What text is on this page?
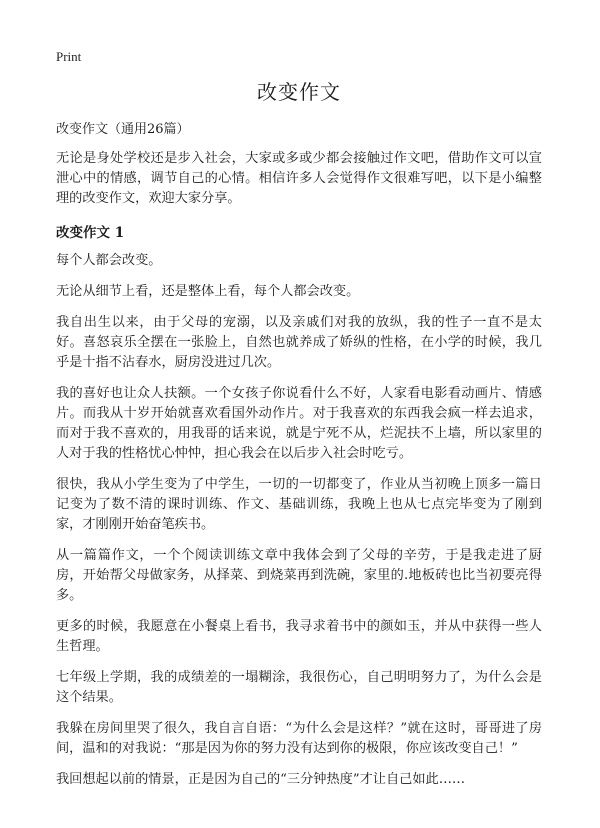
Print
改变作文

改变作文（通用26篇）

无论是身处学校还是步入社会，大家或多或少都会接触过作文吧，借助作文可以宣泄心中的情感，调节自己的心情。相信许多人会觉得作文很难写吧，以下是小编整理的改变作文，欢迎大家分享。

改变作文 1

每个人都会改变。

无论从细节上看，还是整体上看，每个人都会改变。

我自出生以来，由于父母的宠溺，以及亲戚们对我的放纵，我的性子一直不是太好。喜怒哀乐全摆在一张脸上，自然也就养成了娇纵的性格，在小学的时候，我几乎是十指不沾春水，厨房没进过几次。

我的喜好也让众人扶额。一个女孩子你说看什么不好，人家看电影看动画片、情感片。而我从十岁开始就喜欢看国外动作片。对于我喜欢的东西我会疯一样去追求，而对于我不喜欢的，用我哥的话来说，就是宁死不从，烂泥扶不上墙，所以家里的人对于我的性格忧心忡忡，担心我会在以后步入社会时吃亏。

很快，我从小学生变为了中学生，一切的一切都变了，作业从当初晚上顶多一篇日记变为了数不清的课时训练、作文、基础训练，我晚上也从七点完毕变为了刚到家，才刚刚开始奋笔疾书。

从一篇篇作文，一个个阅读训练文章中我体会到了父母的辛劳，于是我走进了厨房，开始帮父母做家务，从择菜、到烧菜再到洗碗，家里的.地板砖也比当初要亮得多。

更多的时候，我愿意在小餐桌上看书，我寻求着书中的颜如玉，并从中获得一些人生哲理。

七年级上学期，我的成绩差的一塌糊涂，我很伤心，自己明明努力了，为什么会是这个结果。

我躲在房间里哭了很久，我自言自语：“为什么会是这样？”就在这时，哥哥进了房间，温和的对我说：“那是因为你的努力没有达到你的极限，你应该改变自己！”

我回想起以前的情景，正是因为自己的“三分钟热度”才让自己如此……
